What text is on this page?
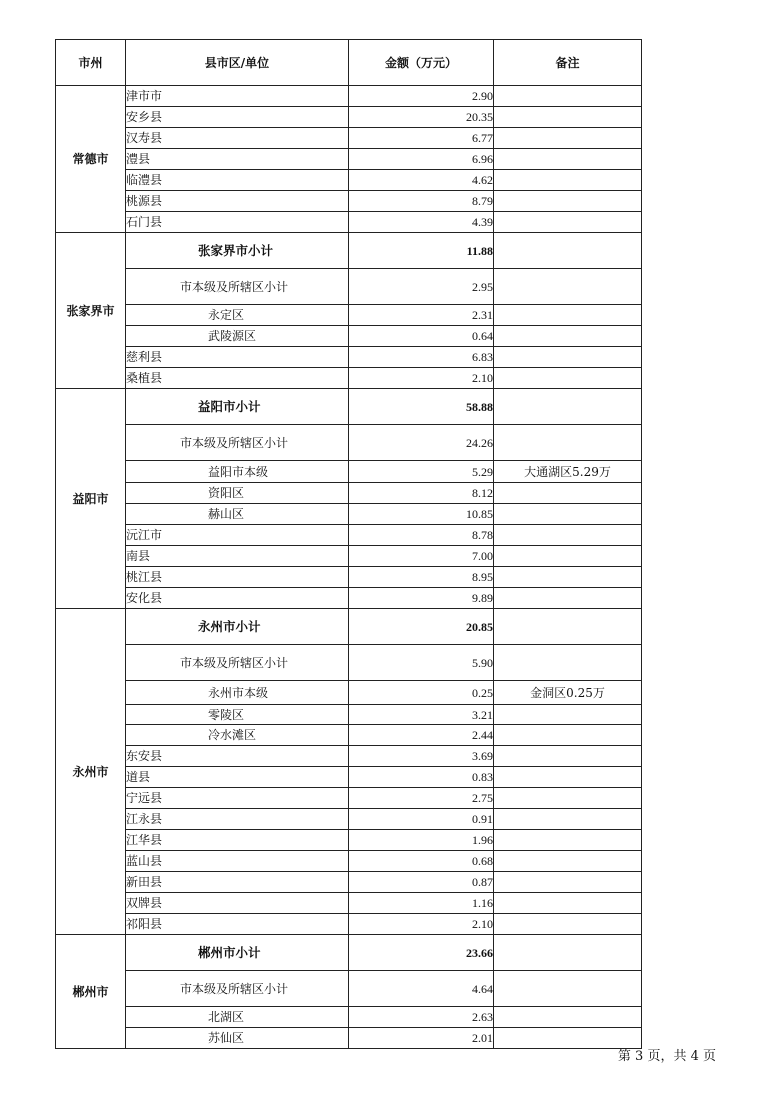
市州	县市区/单位	金额（万元）	备注
常德市	津市市	2.90	
	安乡县	20.35	
	汉寿县	6.77	
	澧县	6.96	
	临澧县	4.62	
	桃源县	8.79	
	石门县	4.39	
张家界市	张家界市小计	11.88	
	市本级及所辖区小计	2.95	
	永定区	2.31	
	武陵源区	0.64	
	慈利县	6.83	
	桑植县	2.10	
益阳市	益阳市小计	58.88	
	市本级及所辖区小计	24.26	
	益阳市本级	5.29	大通湖区5.29万
	资阳区	8.12	
	赫山区	10.85	
	沅江市	8.78	
	南县	7.00	
	桃江县	8.95	
	安化县	9.89	
永州市	永州市小计	20.85	
	市本级及所辖区小计	5.90	
	永州市本级	0.25	金洞区0.25万
	零陵区	3.21	
	冷水滩区	2.44	
	东安县	3.69	
	道县	0.83	
	宁远县	2.75	
	江永县	0.91	
	江华县	1.96	
	蓝山县	0.68	
	新田县	0.87	
	双牌县	1.16	
	祁阳县	2.10	
郴州市	郴州市小计	23.66	
	市本级及所辖区小计	4.64	
	北湖区	2.63	
	苏仙区	2.01	
第 3 页，共 4 页
